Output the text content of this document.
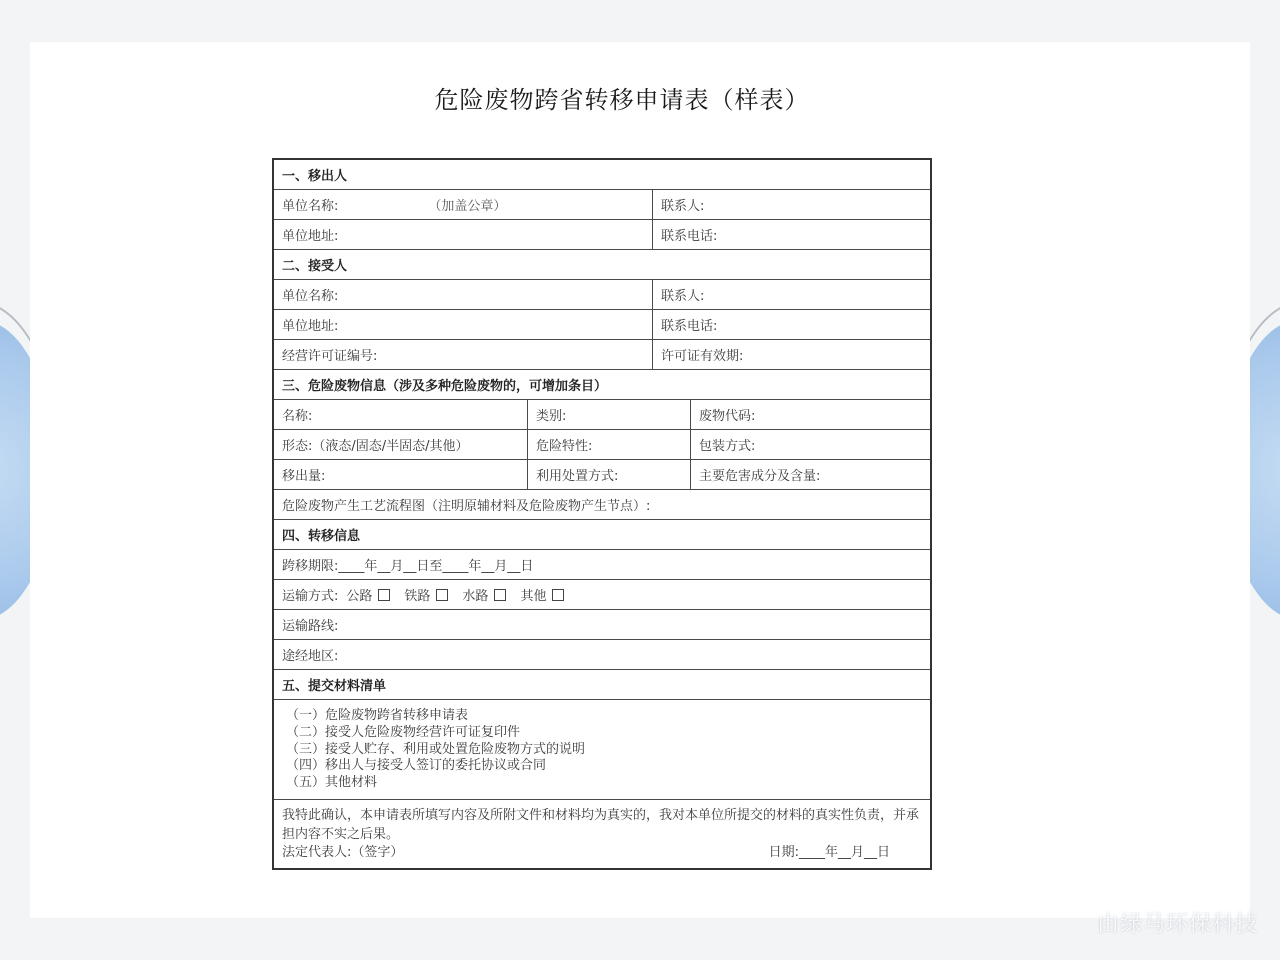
危险废物跨省转移申请表（样表）
一、移出人
单位名称:	（加盖公章）	联系人:
单位地址:	联系电话:
二、接受人
单位名称:	联系人:
单位地址:	联系电话:
经营许可证编号:	许可证有效期:
三、危险废物信息（涉及多种危险废物的，可增加条目）
名称:	类别:	废物代码:
形态:（液态/固态/半固态/其他）	危险特性:	包装方式:
移出量:	利用处置方式:	主要危害成分及含量:
危险废物产生工艺流程图（注明原辅材料及危险废物产生节点）:
四、转移信息
跨移期限:____年__月__日至____年__月__日
运输方式: 公路 铁路 水路 其他
运输路线:
途经地区:
五、提交材料清单
（一）危险废物跨省转移申请表
（二）接受人危险废物经营许可证复印件
（三）接受人贮存、利用或处置危险废物方式的说明
（四）移出人与接受人签订的委托协议或合同
（五）其他材料
我特此确认，本申请表所填写内容及所附文件和材料均为真实的，我对本单位所提交的材料的真实性负责，并承担内容不实之后果。
法定代表人:（签字）	日期:____年__月__日
由绿马环保科技
